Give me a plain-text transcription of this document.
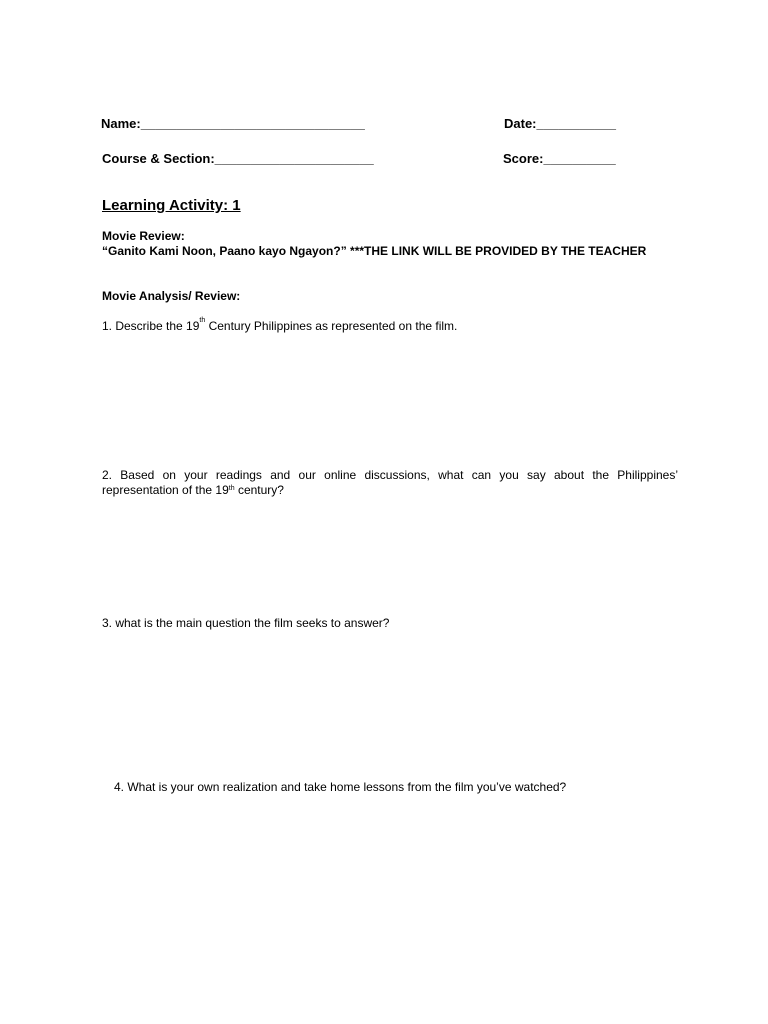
Name:_______________________________	Date:___________
Course & Section:______________________	Score:__________
Learning Activity: 1
Movie Review:
“Ganito Kami Noon, Paano kayo Ngayon?” ***THE LINK WILL BE PROVIDED BY THE TEACHER
Movie Analysis/ Review:
1. Describe the 19th Century Philippines as represented on the film.
2. Based on your readings and our online discussions, what can you say about the Philippines’
representation of the 19th century?
3. what is the main question the film seeks to answer?
4. What is your own realization and take home lessons from the film you’ve watched?
